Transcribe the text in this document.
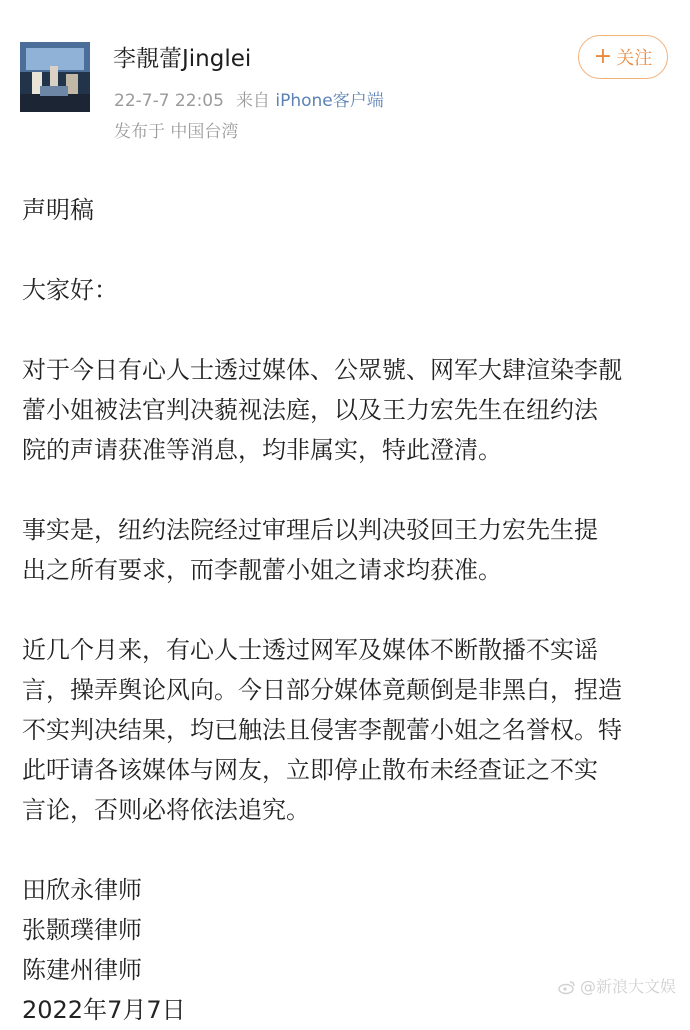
李靚蕾Jinglei
22-7-7 22:05 来自 iPhone客户端
发布于 中国台湾
+ 关注

声明稿

大家好：

对于今日有心人士透过媒体、公眾號、网军大肆渲染李靓
蕾小姐被法官判决藐视法庭，以及王力宏先生在纽约法
院的声请获准等消息，均非属实，特此澄清。

事实是，纽约法院经过审理后以判决驳回王力宏先生提
出之所有要求，而李靓蕾小姐之请求均获准。

近几个月来，有心人士透过网军及媒体不断散播不实谣
言，操弄舆论风向。今日部分媒体竟颠倒是非黑白，捏造
不实判决结果，均已触法且侵害李靓蕾小姐之名誉权。特
此吁请各该媒体与网友，立即停止散布未经查证之不实
言论，否则必将依法追究。

田欣永律师

张颢璞律师

陈建州律师

2022年7月7日

@新浪大文娱
